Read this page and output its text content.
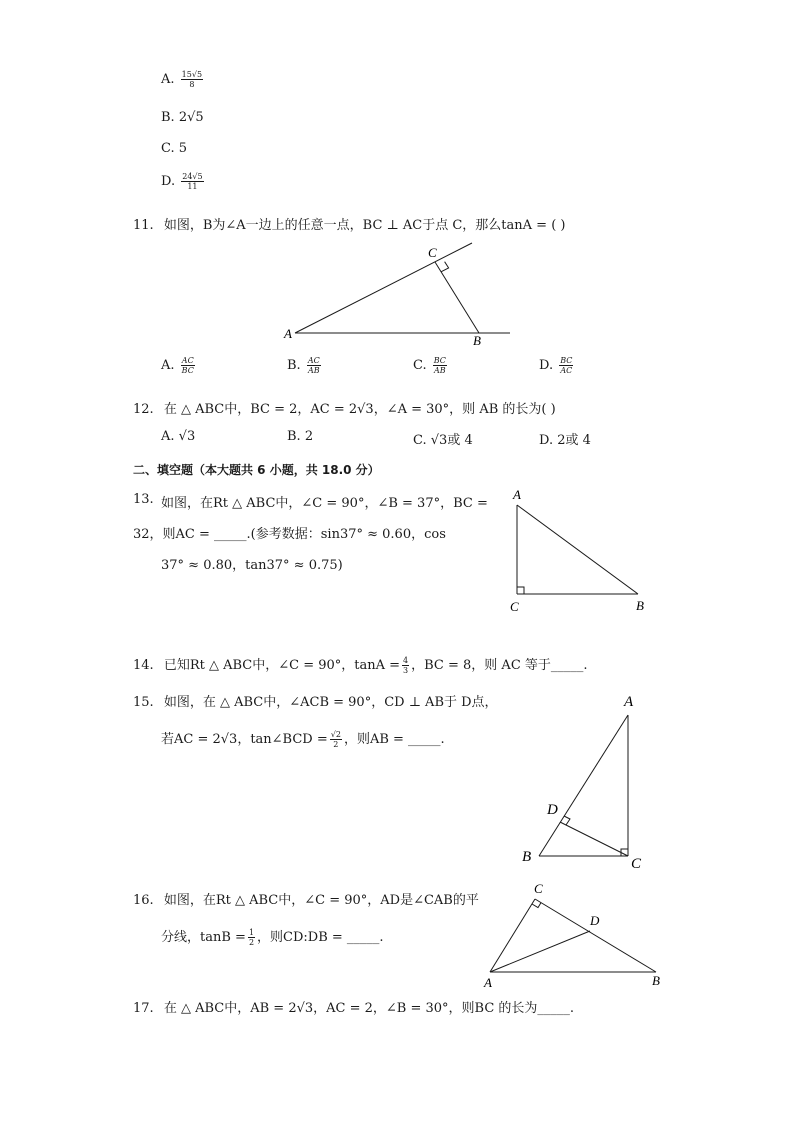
A. $\frac{15√5}{8}$
B. 2√5
C. 5
D. $\frac{24√5}{11}$
11. 如图，B为∠A一边上的任意一点，BC ⊥ AC于点 C，那么tanA = ( )
A	B
C
A. $\frac{AC}{BC}$	B. $\frac{AC}{AB}$	C. $\frac{BC}{AB}$	D. $\frac{BC}{AC}$
12. 在 △ ABC中，BC = 2，AC = 2√3，∠A = 30°，则 AB 的长为( )
A. √3	B. 2	C. √3或 4	D. 2或 4
二、填空题（本大题共 6 小题，共 18.0 分）
13. 如图，在Rt △ ABC中，∠C = 90°，∠B = 37°，BC =
32，则AC = _____.(参考数据：sin37° ≈ 0.60，cos
37° ≈ 0.80，tan37° ≈ 0.75)
A
B
C
14. 已知Rt △ ABC中，∠C = 90°，$\tan A = \frac{4}{3}$ ，BC = 8，则 AC 等于_____.
15. 如图，在 △ ABC中，∠ACB = 90°，CD ⊥ AB于 D点，
若AC = 2√3，tan∠BCD = $\frac{√2}{2}$ ，则AB = _____.
A
B	C
D
16. 如图，在Rt △ ABC中，∠C = 90°，AD是∠CAB的平
分线，$\tan B = \frac{1}{2}$ ，则CD:DB = _____.
A	B
C
D
17. 在 △ ABC中，AB = 2√3，AC = 2，∠B = 30°，则BC 的长为_____.
